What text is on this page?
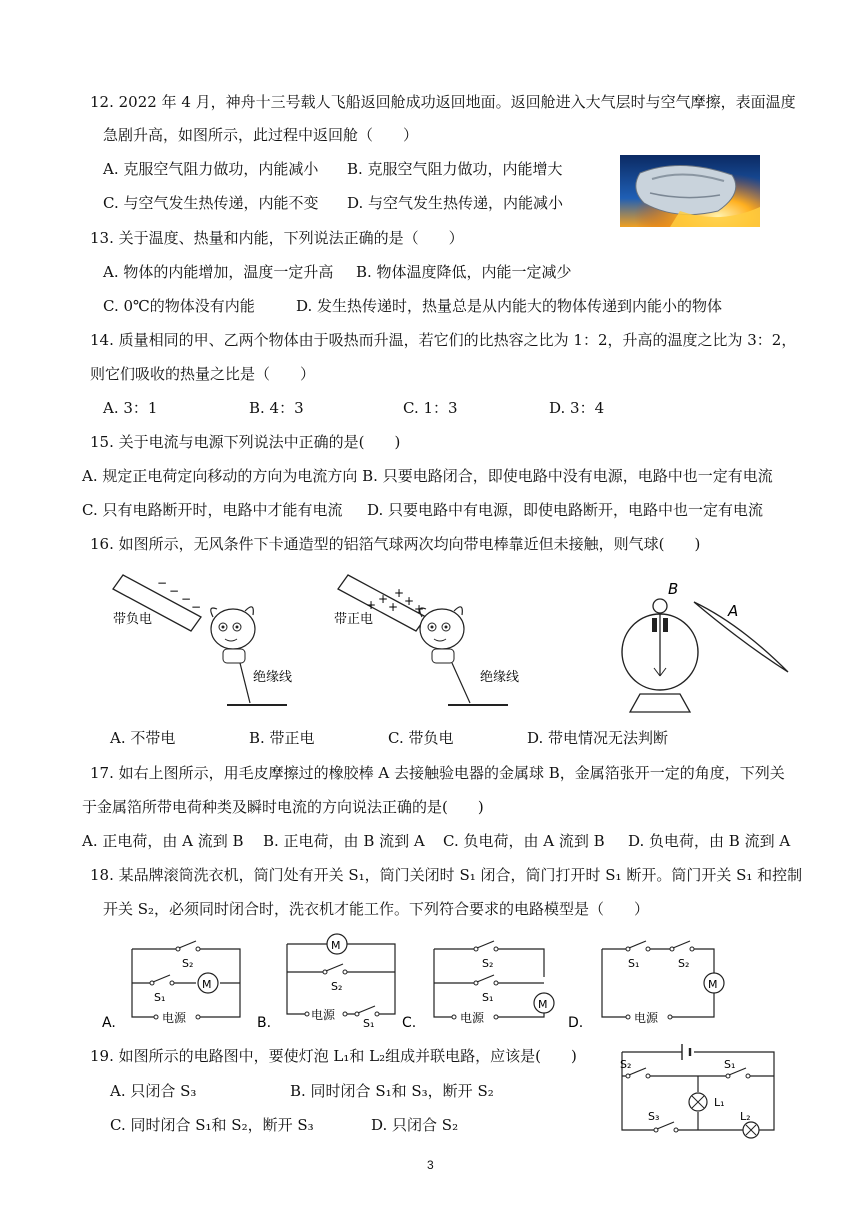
12. 2022 年 4 月，神舟十三号载人飞船返回舱成功返回地面。返回舱进入大气层时与空气摩擦，表面温度
急剧升高，如图所示，此过程中返回舱（　　）
A. 克服空气阻力做功，内能减小 B. 克服空气阻力做功，内能增大
C. 与空气发生热传递，内能不变 D. 与空气发生热传递，内能减小
13. 关于温度、热量和内能，下列说法正确的是（　　）
A. 物体的内能增加，温度一定升高 B. 物体温度降低，内能一定减少
C. 0℃的物体没有内能	D. 发生热传递时，热量总是从内能大的物体传递到内能小的物体
14. 质量相同的甲、乙两个物体由于吸热而升温，若它们的比热容之比为 1：2，升高的温度之比为 3：2，
则它们吸收的热量之比是（　　）
A. 3：1	B. 4：3	C. 1：3	D. 3：4
15. 关于电流与电源下列说法中正确的是(　　)
A. 规定正电荷定向移动的方向为电流方向 B. 只要电路闭合，即使电路中没有电源，电路中也一定有电流
C. 只有电路断开时，电路中才能有电流 D. 只要电路中有电源，即使电路断开，电路中也一定有电流
16. 如图所示，无风条件下卡通造型的铝箔气球两次均向带电棒靠近但未接触，则气球(　　)
−
−
−
−
带负电
绝缘线
+ +
+
+
+
+
带正电
绝缘线
B
A
A. 不带电	B. 带正电	C. 带负电	D. 带电情况无法判断
17. 如右上图所示，用毛皮摩擦过的橡胶棒 A 去接触验电器的金属球 B，金属箔张开一定的角度，下列关
于金属箔所带电荷种类及瞬时电流的方向说法正确的是(　　)
A. 正电荷，由 A 流到 B B. 正电荷，由 B 流到 A C. 负电荷，由 A 流到 B D. 负电荷，由 B 流到 A
18. 某品牌滚筒洗衣机，筒门处有开关 S₁，筒门关闭时 S₁ 闭合，筒门打开时 S₁ 断开。筒门开关 S₁ 和控制
开关 S₂，必须同时闭合时，洗衣机才能工作。下列符合要求的电路模型是（　　）
A.
S₂
S₁
M
电源	B.
M
S₂
电源
S₁ C.
S₂
S₁
M
电源	D.
S₁	S₂
M
电源
19. 如图所示的电路图中，要使灯泡 L₁和 L₂组成并联电路，应该是(　　)
A. 只闭合 S₃	B. 同时闭合 S₁和 S₃，断开 S₂
C. 同时闭合 S₁和 S₂，断开 S₃	D. 只闭合 S₂
S₂	S₁
L₁
S₃	L₂
3
